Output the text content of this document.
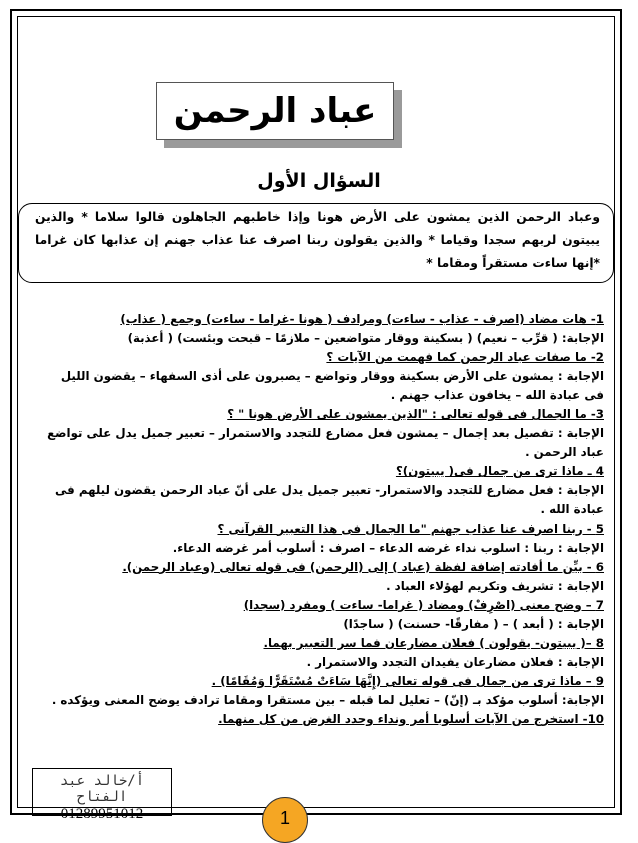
عباد الرحمن
السؤال الأول
وعباد الرحمن الذين يمشون على الأرض هونا وإذا خاطبهم الجاهلون قالوا سلاما * والذين يبيتون لربهم سجدا وقياما * والذين يقولون ربنا اصرف عنا عذاب جهنم إن عذابها كان غراما *إنها ساءت مستقراً ومقاما *
1- هات مضاد (اصرف - عذاب - ساءت) ومرادف ( هونا -غراما - ساءت) وجمع ( عذاب)
الإجابة: ( قرِّب – نعيم) ( بسكينة ووقار متواضعين – ملازمًا – قبحت وبئست) ( أعذبة)
2- ما صفات عباد الرحمن كما فهمت من الآيات ؟
الإجابة : يمشون على الأرض بسكينة ووقار وتواضع – يصبرون على أذى السفهاء – يقضون الليل
فى عبادة الله – يخافون عذاب جهنم .
3- ما الجمال فى قوله تعالى : "الذين يمشون على الأرض هونا " ؟
الإجابة : تفصيل بعد إجمال – يمشون فعل مضارع للتجدد والاستمرار – تعبير جميل يدل على تواضع
عباد الرحمن .
4 ـ ماذا ترى من جمال فى( يبيتون)؟
الإجابة : فعل مضارع للتجدد والاستمرار- تعبير جميل يدل على أنّ عباد الرحمن يقضون ليلهم فى
عبادة الله .
5 - ربنا اصرف عنا عذاب جهنم "ما الجمال فى هذا التعبير القرآنى ؟
الإجابة : ربنا : اسلوب نداء غرضه الدعاء – اصرف : أسلوب أمر غرضه الدعاء.
6 - بيِّن ما أفادته إضافة لفظة (عباد ) إلى (الرحمن) فى قوله تعالى (وعباد الرحمن).
الإجابة : تشريف وتكريم لهؤلاء العباد .
7 – وضح معنى (اصْرِفْ) ومضاد ( غراما- ساءت ) ومفرد (سجدا)
الإجابة : ( أبعد ) – ( مفارقًا- حسنت) ( ساجدًا)
8 –( يبيتون- يقولون ) فعلان مضارعان فما سر التعبير بهما.
الإجابة : فعلان مضارعان يفيدان التجدد والاستمرار .
9 – ماذا ترى من جمال فى قوله تعالى (إِنَّهَا سَاءَتْ مُسْتَقَرًّا وَمُقَامًا) .
الإجابة: أسلوب مؤكد بـ (إنّ) – تعليل لما قبله – بين مستقرا ومقاما ترادف يوضح المعنى ويؤكده .
10- استخرج من الآيات أسلوبا أمر ونداء وحدد الغرض من كل منهما.
أ/خالد عبد الفتاح
01289951012	1
